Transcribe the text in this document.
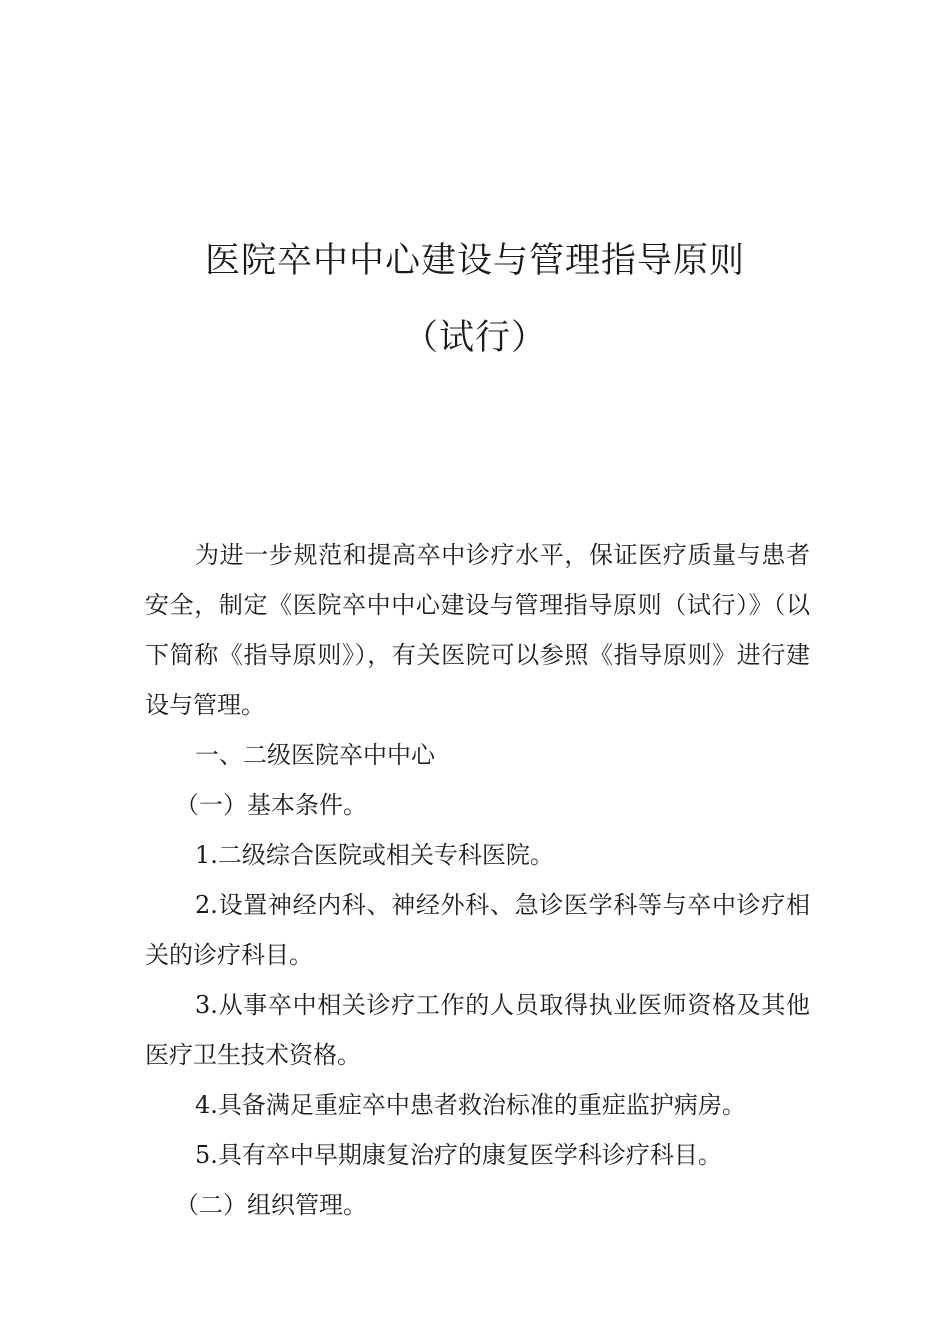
医院卒中中心建设与管理指导原则
（试行）

为进一步规范和提高卒中诊疗水平，保证医疗质量与患者安全，制定《医院卒中中心建设与管理指导原则（试行）》（以下简称《指导原则》），有关医院可以参照《指导原则》进行建设与管理。

一、二级医院卒中中心

（一）基本条件。

1.二级综合医院或相关专科医院。

2.设置神经内科、神经外科、急诊医学科等与卒中诊疗相关的诊疗科目。

3.从事卒中相关诊疗工作的人员取得执业医师资格及其他医疗卫生技术资格。

4.具备满足重症卒中患者救治标准的重症监护病房。

5.具有卒中早期康复治疗的康复医学科诊疗科目。

（二）组织管理。
